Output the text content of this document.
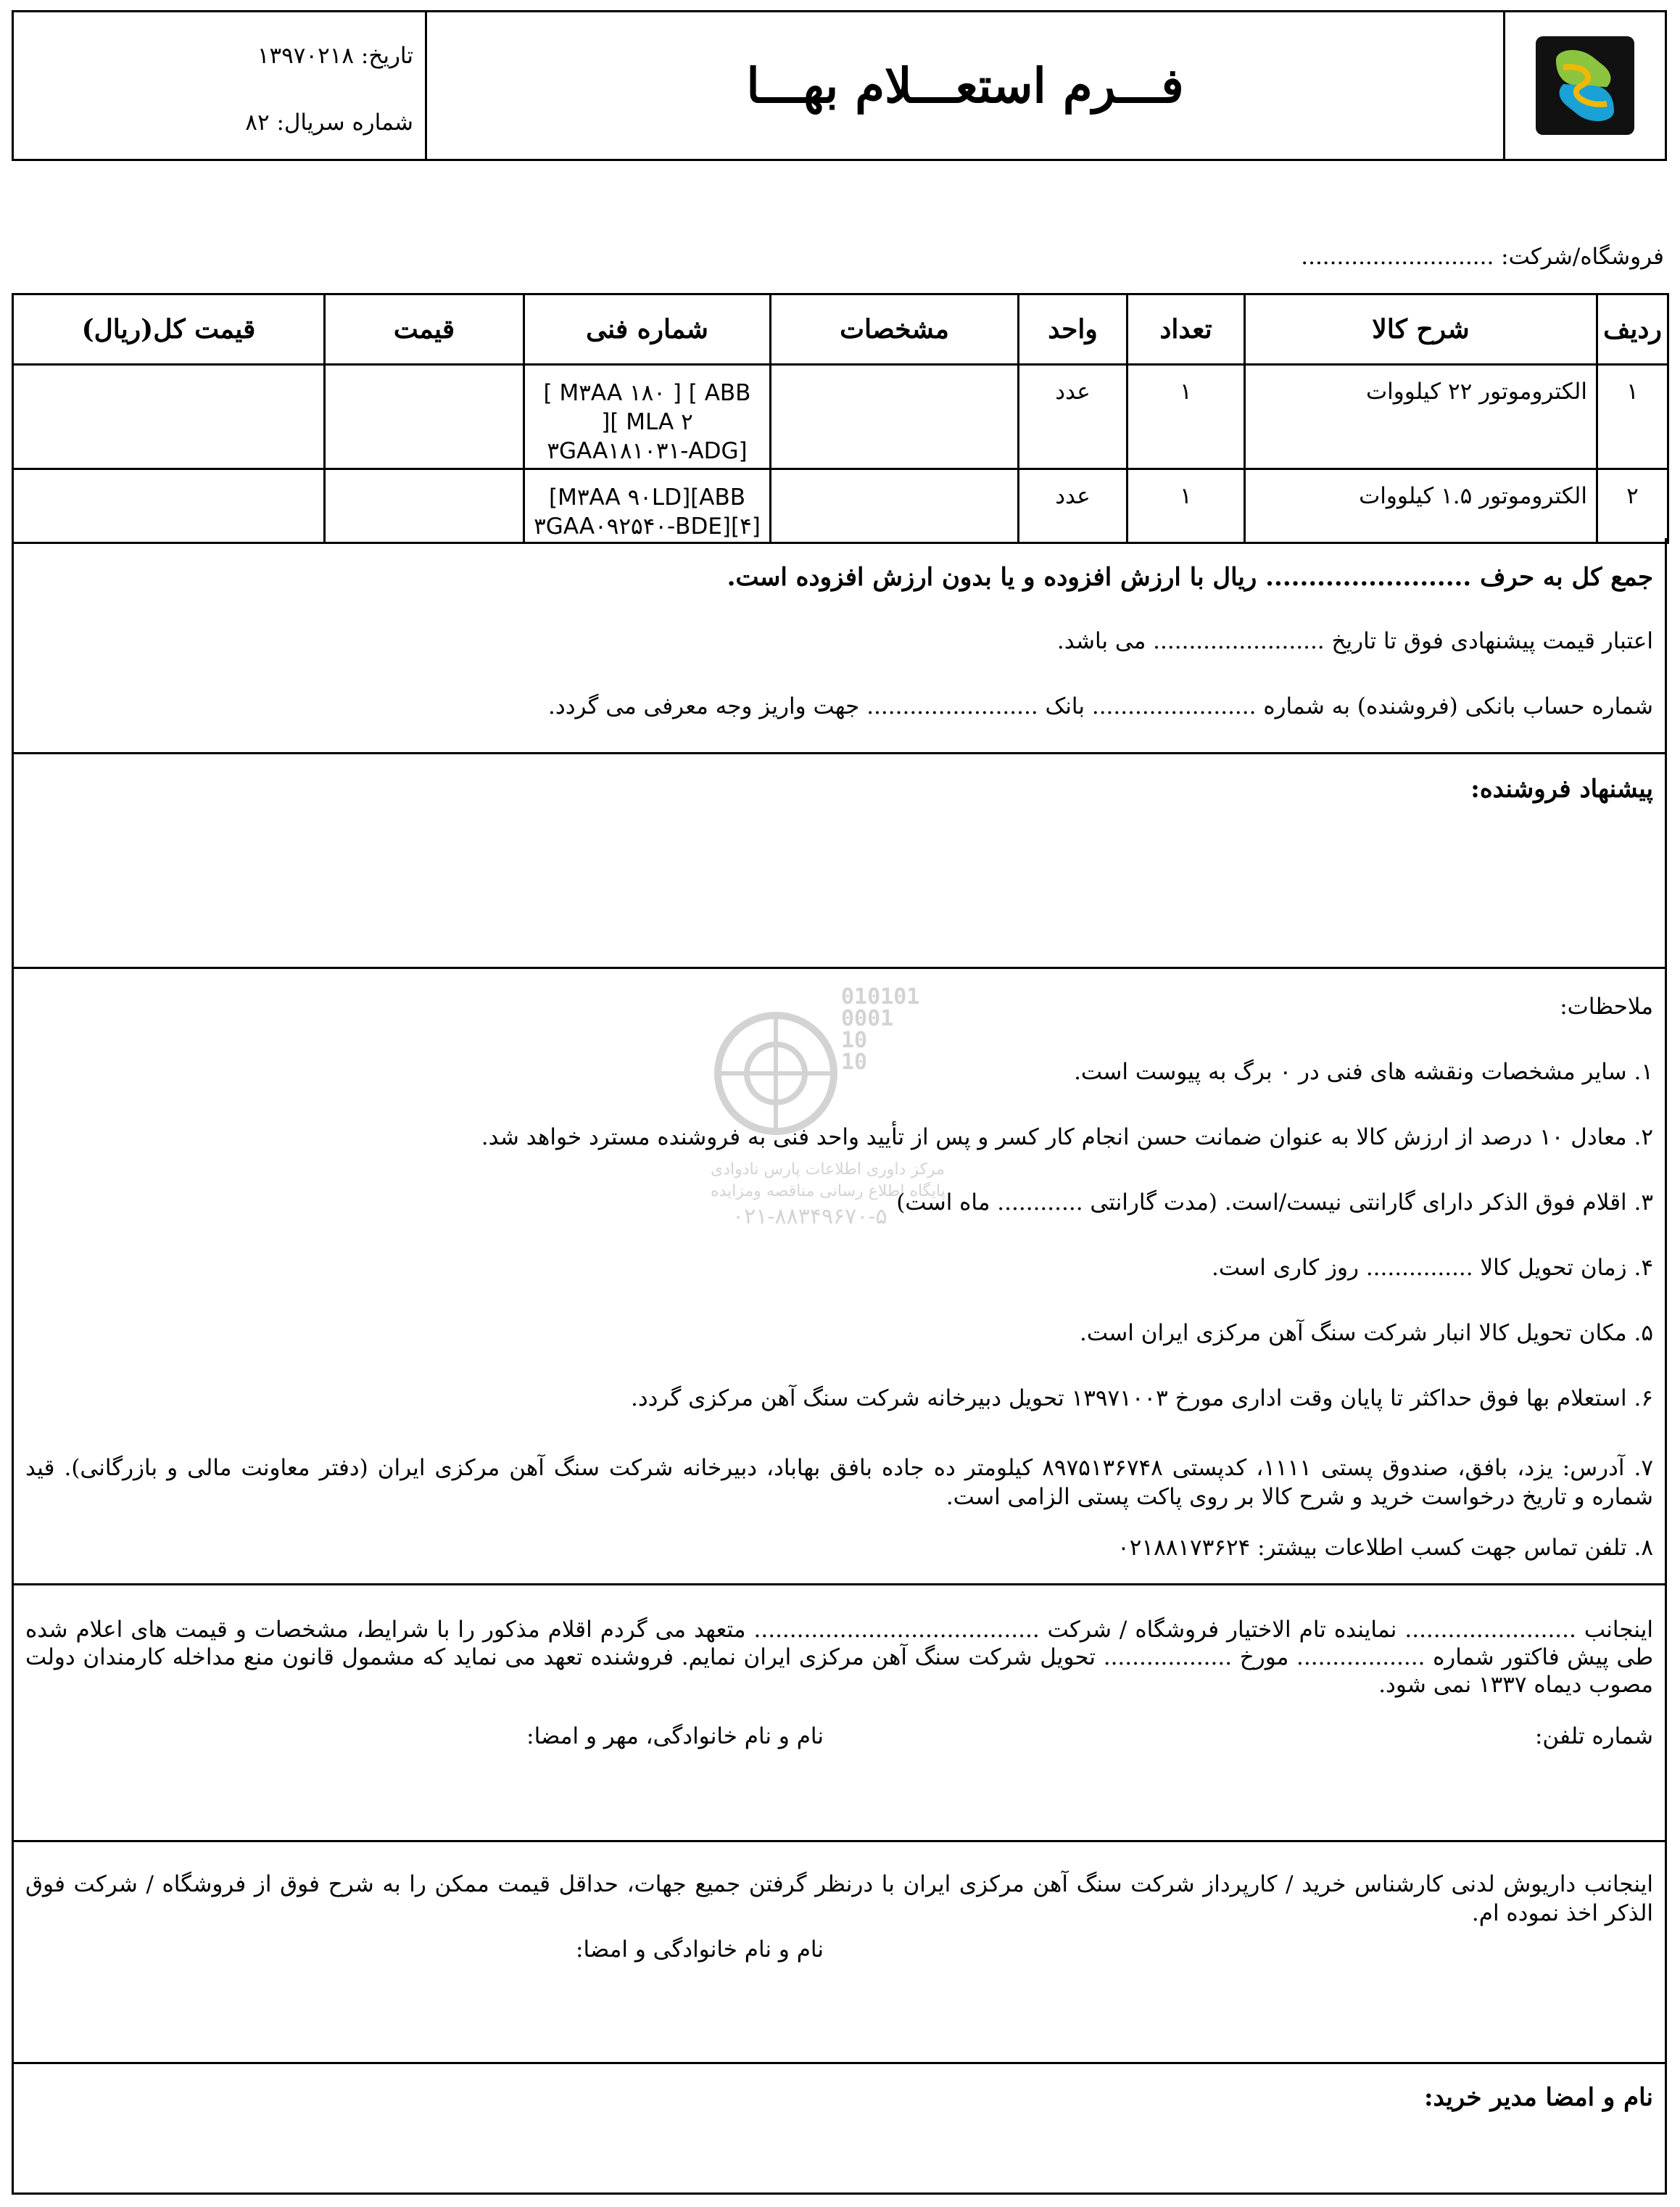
تاریخ: ۱۳۹۷۰۲۱۸
شماره سریال: ۸۲
فـــرم استعـــلام بهـــا
فروشگاه/شرکت: ...........................
ردیف	شرح کالا	تعداد	واحد	مشخصات	شماره فنی	قیمت	قیمت کل(ریال)
۱	الکتروموتور ۲۲ کیلووات	۱	عدد		[ M۳AA ۱۸۰ ] [ ABB
][ MLA ۲
۳GAA۱۸۱۰۳۱-ADG]		

۲	الکتروموتور ۱.۵ کیلووات	۱	عدد		[M۳AA ۹۰LD][ABB
۳GAA۰۹۲۵۴۰-BDE][۴]		

جمع کل به حرف ........................ ریال با ارزش افزوده و یا بدون ارزش افزوده است.
اعتبار قیمت پیشنهادی فوق تا تاریخ ........................ می باشد.
شماره حساب بانکی (فروشنده) به شماره ....................... بانک ........................ جهت واریز وجه معرفی می گردد.
پیشنهاد فروشنده:
ملاحظات:
۱. سایر مشخصات ونقشه های فنی در ۰ برگ به پیوست است.
۲. معادل ۱۰ درصد از ارزش کالا به عنوان ضمانت حسن انجام کار کسر و پس از تأیید واحد فنی به فروشنده مسترد خواهد شد.
۳. اقلام فوق الذکر دارای گارانتی نیست/است. (مدت گارانتی ............ ماه است)
۴. زمان تحویل کالا ............... روز کاری است.
۵. مکان تحویل کالا انبار شرکت سنگ آهن مرکزی ایران است.
۶. استعلام بها فوق حداکثر تا پایان وقت اداری مورخ ۱۳۹۷۱۰۰۳ تحویل دبیرخانه شرکت سنگ آهن مرکزی گردد.
۷. آدرس: یزد، بافق، صندوق پستی ۱۱۱۱، کدپستی ۸۹۷۵۱۳۶۷۴۸ کیلومتر ده جاده بافق بهاباد، دبیرخانه شرکت سنگ آهن مرکزی ایران (دفتر معاونت مالی و بازرگانی). قید شماره و تاریخ درخواست خرید و شرح کالا بر روی پاکت پستی الزامی است.
۸. تلفن تماس جهت کسب اطلاعات بیشتر: ۰۲۱۸۸۱۷۳۶۲۴
010101
0001
10
10
مرکز داوری اطلاعات پارس نادوادی
پایگاه اطلاع رسانی مناقصه ومزایده
۰۲۱-۸۸۳۴۹۶۷۰-۵
اینجانب ........................ نماینده تام الاختیار فروشگاه / شرکت ........................................ متعهد می گردم اقلام مذکور را با شرایط، مشخصات و قیمت های اعلام شده طی پیش فاکتور شماره .................. مورخ .................. تحویل شرکت سنگ آهن مرکزی ایران نمایم. فروشنده تعهد می نماید که مشمول قانون منع مداخله کارمندان دولت مصوب دیماه ۱۳۳۷ نمی شود.
شماره تلفن:
نام و نام خانوادگی، مهر و امضا:
اینجانب داریوش لدنی کارشناس خرید / کارپرداز شرکت سنگ آهن مرکزی ایران با درنظر گرفتن جمیع جهات، حداقل قیمت ممکن را به شرح فوق از فروشگاه / شرکت فوق الذکر اخذ نموده ام.
نام و نام خانوادگی و امضا:
نام و امضا مدیر خرید:
